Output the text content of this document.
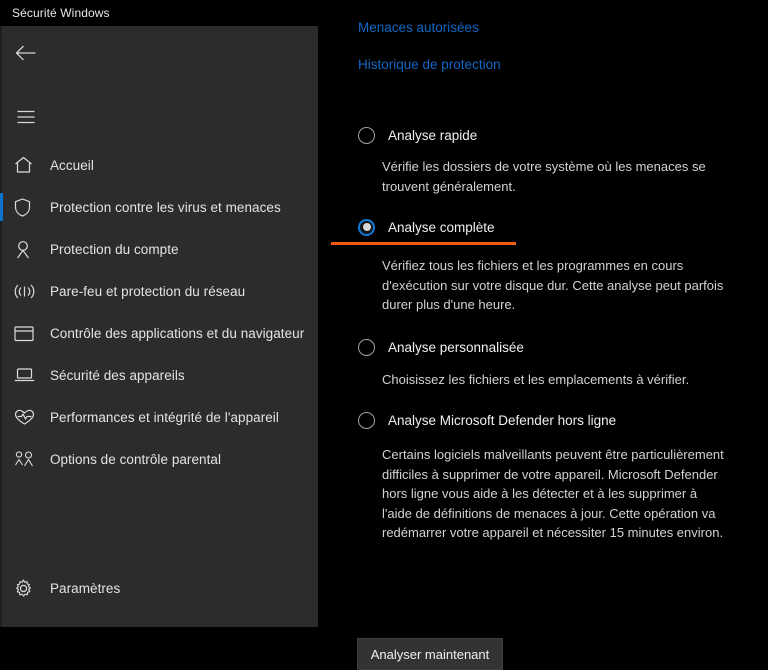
Sécurité Windows
Accueil
Protection contre les virus et menaces
Protection du compte
Pare-feu et protection du réseau
Contrôle des applications et du navigateur
Sécurité des appareils
Performances et intégrité de l'appareil
Options de contrôle parental
Paramètres
Menaces autorisées
Historique de protection
Analyse rapide
Vérifie les dossiers de votre système où les menaces se trouvent généralement.
Analyse complète
Vérifiez tous les fichiers et les programmes en cours d'exécution sur votre disque dur. Cette analyse peut parfois durer plus d'une heure.
Analyse personnalisée
Choisissez les fichiers et les emplacements à vérifier.
Analyse Microsoft Defender hors ligne
Certains logiciels malveillants peuvent être particulièrement difficiles à supprimer de votre appareil. Microsoft Defender hors ligne vous aide à les détecter et à les supprimer à l'aide de définitions de menaces à jour. Cette opération va redémarrer votre appareil et nécessiter 15 minutes environ.
Analyser maintenant
